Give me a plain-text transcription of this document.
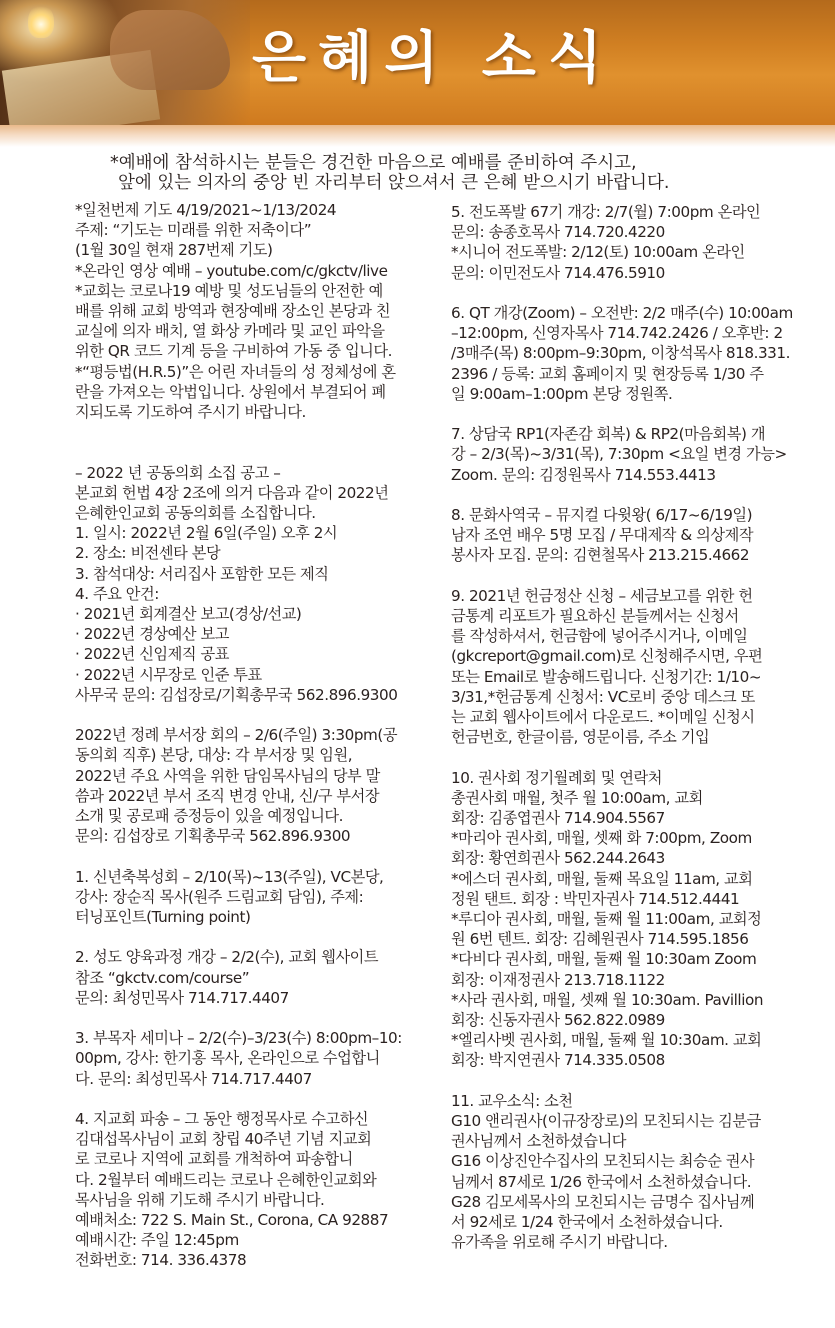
은혜의 소식
*예배에 참석하시는 분들은 경건한 마음으로 예배를 준비하여 주시고,
앞에 있는 의자의 중앙 빈 자리부터 앉으셔서 큰 은혜 받으시기 바랍니다.
*일천번제 기도 4/19/2021~1/13/2024
주제: “기도는 미래를 위한 저축이다”
(1월 30일 현재 287번제 기도)
*온라인 영상 예배 – youtube.com/c/gkctv/live
*교회는 코로나19 예방 및 성도님들의 안전한 예
배를 위해 교회 방역과 현장예배 장소인 본당과 친
교실에 의자 배치, 열 화상 카메라 및 교인 파악을
위한 QR 코드 기계 등을 구비하여 가동 중 입니다.
*“평등법(H.R.5)”은 어린 자녀들의 성 정체성에 혼
란을 가져오는 악법입니다. 상원에서 부결되어 폐
지되도록 기도하여 주시기 바랍니다.
– 2022 년 공동의회 소집 공고 –
본교회 헌법 4장 2조에 의거 다음과 같이 2022년
은혜한인교회 공동의회를 소집합니다.
1. 일시: 2022년 2월 6일(주일) 오후 2시
2. 장소: 비전센타 본당
3. 참석대상: 서리집사 포함한 모든 제직
4. 주요 안건:
· 2021년 회계결산 보고(경상/선교)
· 2022년 경상예산 보고
· 2022년 신임제직 공표
· 2022년 시무장로 인준 투표
사무국 문의: 김섭장로/기획총무국 562.896.9300
2022년 정례 부서장 회의 – 2/6(주일) 3:30pm(공
동의회 직후) 본당, 대상: 각 부서장 및 임원,
2022년 주요 사역을 위한 담임목사님의 당부 말
씀과 2022년 부서 조직 변경 안내, 신/구 부서장
소개 및 공로패 증정등이 있을 예정입니다.
문의: 김섭장로 기획총무국 562.896.9300
1. 신년축복성회 – 2/10(목)~13(주일), VC본당,
강사: 장순직 목사(원주 드림교회 담임), 주제:
터닝포인트(Turning point)
2. 성도 양육과정 개강 – 2/2(수), 교회 웹사이트
참조 “gkctv.com/course”
문의: 최성민목사 714.717.4407
3. 부목자 세미나 – 2/2(수)–3/23(수) 8:00pm–10:
00pm, 강사: 한기홍 목사, 온라인으로 수업합니
다. 문의: 최성민목사 714.717.4407
4. 지교회 파송 – 그 동안 행정목사로 수고하신
김대섭목사님이 교회 창립 40주년 기념 지교회
로 코로나 지역에 교회를 개척하여 파송합니
다. 2월부터 예배드리는 코로나 은혜한인교회와
목사님을 위해 기도해 주시기 바랍니다.
예배처소: 722 S. Main St., Corona, CA 92887
예배시간: 주일 12:45pm
전화번호: 714. 336.4378
5. 전도폭발 67기 개강: 2/7(월) 7:00pm 온라인
문의: 송종호목사 714.720.4220
*시니어 전도폭발: 2/12(토) 10:00am 온라인
문의: 이민전도사 714.476.5910
6. QT 개강(Zoom) – 오전반: 2/2 매주(수) 10:00am
–12:00pm, 신영자목사 714.742.2426 / 오후반: 2
/3매주(목) 8:00pm–9:30pm, 이창석목사 818.331.
2396 / 등록: 교회 홈페이지 및 현장등록 1/30 주
일 9:00am–1:00pm 본당 정원쪽.
7. 상담국 RP1(자존감 회복) & RP2(마음회복) 개
강 – 2/3(목)~3/31(목), 7:30pm <요일 변경 가능>
Zoom. 문의: 김정원목사 714.553.4413
8. 문화사역국 – 뮤지컬 다윗왕( 6/17~6/19일)
남자 조연 배우 5명 모집 / 무대제작 & 의상제작
봉사자 모집. 문의: 김현철목사 213.215.4662
9. 2021년 헌금정산 신청 – 세금보고를 위한 헌
금통계 리포트가 필요하신 분들께서는 신청서
를 작성하셔서, 헌금함에 넣어주시거나, 이메일
(gkcreport@gmail.com)로 신청해주시면, 우편
또는 Email로 발송해드립니다. 신청기간: 1/10~
3/31,*헌금통계 신청서: VC로비 중앙 데스크 또
는 교회 웹사이트에서 다운로드. *이메일 신청시
헌금번호, 한글이름, 영문이름, 주소 기입
10. 권사회 정기월례회 및 연락처
총권사회 매월, 첫주 월 10:00am, 교회
회장: 김종엽권사 714.904.5567
*마리아 권사회, 매월, 셋째 화 7:00pm, Zoom
회장: 황연희권사 562.244.2643
*에스더 권사회, 매월, 둘째 목요일 11am, 교회
정원 탠트. 회장 : 박민자권사 714.512.4441
*루디아 권사회, 매월, 둘째 월 11:00am, 교회정
원 6번 텐트. 회장: 김혜원권사 714.595.1856
*다비다 권사회, 매월, 둘째 월 10:30am Zoom
회장: 이재정권사 213.718.1122
*사라 권사회, 매월, 셋째 월 10:30am. Pavillion
회장: 신동자권사 562.822.0989
*엘리사벳 권사회, 매월, 둘째 월 10:30am. 교회
회장: 박지연권사 714.335.0508
11. 교우소식: 소천
G10 앤리권사(이규장장로)의 모친되시는 김분금
권사님께서 소천하셨습니다
G16 이상진안수집사의 모친되시는 최승순 권사
님께서 87세로 1/26 한국에서 소천하셨습니다.
G28 김모세목사의 모친되시는 금명수 집사님께
서 92세로 1/24 한국에서 소천하셨습니다.
유가족을 위로해 주시기 바랍니다.
